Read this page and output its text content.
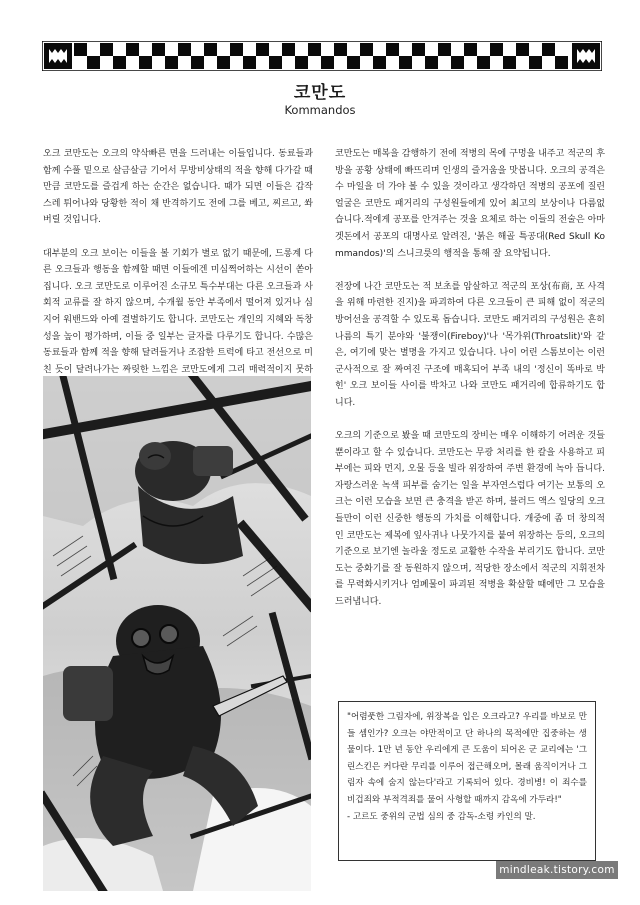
코만도
Kommandos

오크 코만도는 오크의 약삭빠른 면을 드러내는 이들입니다. 동료들과 함께 수풀 밑으로 살금살금 기어서 무방비상태의 적을 향해 다가갈 때만큼 코만도를 즐겁게 하는 순간은 없습니다. 때가 되면 이들은 갑작스레 튀어나와 당황한 적이 채 반격하기도 전에 그를 베고, 찌르고, 쏴버릴 것입니다.

대부분의 오크 보이는 이들을 볼 기회가 별로 없기 때문에, 드롱계 다른 오크들과 행동을 함께할 때면 이들에겐 미심쩍어하는 시선이 쏟아집니다. 오크 코만도로 이루어진 소규모 특수부대는 다른 오크들과 사회적 교류를 잘 하지 않으며, 수개월 동안 부족에서 떨어져 있거나 심지어 워밴드와 아예 결별하기도 합니다. 코만도는 개인의 지혜와 독창성을 높이 평가하며, 이들 중 일부는 글자를 다루기도 합니다. 수많은 동료들과 함께 적을 향해 달려들거나 조잡한 트럭에 타고 전선으로 미친 듯이 달려나가는 짜릿한 느낌은 코만도에게 그리 매력적이지 못하

코만도는 매복을 감행하기 전에 적병의 목에 구멍을 내주고 적군의 후방을 공황 상태에 빠뜨리며 인생의 즐거움을 맛봅니다. 오크의 공격은 수 마일을 더 가야 볼 수 있을 것이라고 생각하던 적병의 공포에 질린 얼굴은 코만도 패거리의 구성원들에게 있어 최고의 보상이나 다름없습니다.적에게 공포를 안겨주는 것을 요체로 하는 이들의 전술은 아마겟돈에서 공포의 대명사로 알려진, '붉은 해골 특공대(Red Skull Kommandos)'의 스니크릇의 행적을 통해 잘 요약됩니다.

전장에 나간 코만도는 적 보초를 암살하고 적군의 포상(布商, 포 사격을 위해 마련한 진지)을 파괴하여 다른 오크들이 큰 피해 없이 적군의 방어선을 공격할 수 있도록 돕습니다. 코만도 패거리의 구성원은 흔히 나름의 특기 분야와 '불쟁이(Fireboy)'나 '목가위(Throatslit)'와 같은, 여기에 맞는 별명을 가지고 있습니다. 나이 어린 스톰보이는 이런 군사적으로 잘 짜여진 구조에 매혹되어 부족 내의 '정신이 똑바로 박힌' 오크 보이들 사이를 박차고 나와 코만도 패거리에 합류하기도 합니다.

오크의 기준으로 봤을 때 코만도의 장비는 매우 이해하기 어려운 것들 뿐이라고 할 수 있습니다. 코만도는 무광 처리를 한 칼을 사용하고 피부에는 피와 먼지, 오물 등을 빌라 위장하여 주변 환경에 녹아 듭니다. 자랑스러운 녹색 피부를 숨기는 일을 부자연스럽다 여기는 보통의 오크는 이런 모습을 보면 큰 충격을 받곤 하며, 블러드 액스 일당의 오크들만이 이런 신중한 행동의 가치를 이해합니다. 개중에 좀 더 창의적인 코만도는 제복에 잎사귀나 나뭇가지를 붙여 위장하는 등의, 오크의 기준으로 보기엔 놀라울 정도로 교활한 수작을 부리기도 합니다. 코만도는 중화기를 잘 동원하지 않으며, 적당한 장소에서 적군의 지휘전차를 무력화시키거나 엄폐물이 파괴된 적병을 확살할 때에만 그 모습을 드러냅니다.

"어렴풋한 그림자에, 위장복을 입은 오크라고? 우리를 바보로 만들 셈인가? 오크는 야만적이고 단 하나의 목적에만 집중하는 생물이다. 1만 년 동안 우리에게 큰 도움이 되어온 군 교리에는 '그린스킨은 커다란 무리를 이루어 접근해오며, 몰래 움직이거나 그림자 속에 숨지 않는다'라고 기록되어 있다. 경비병! 이 죄수를 비겁죄와 부적격죄를 물어 사형할 때까지 감옥에 가두라!"
- 고르도 중위의 군법 심의 중 감독-소령 카인의 말.
mindleak.tistory.com
